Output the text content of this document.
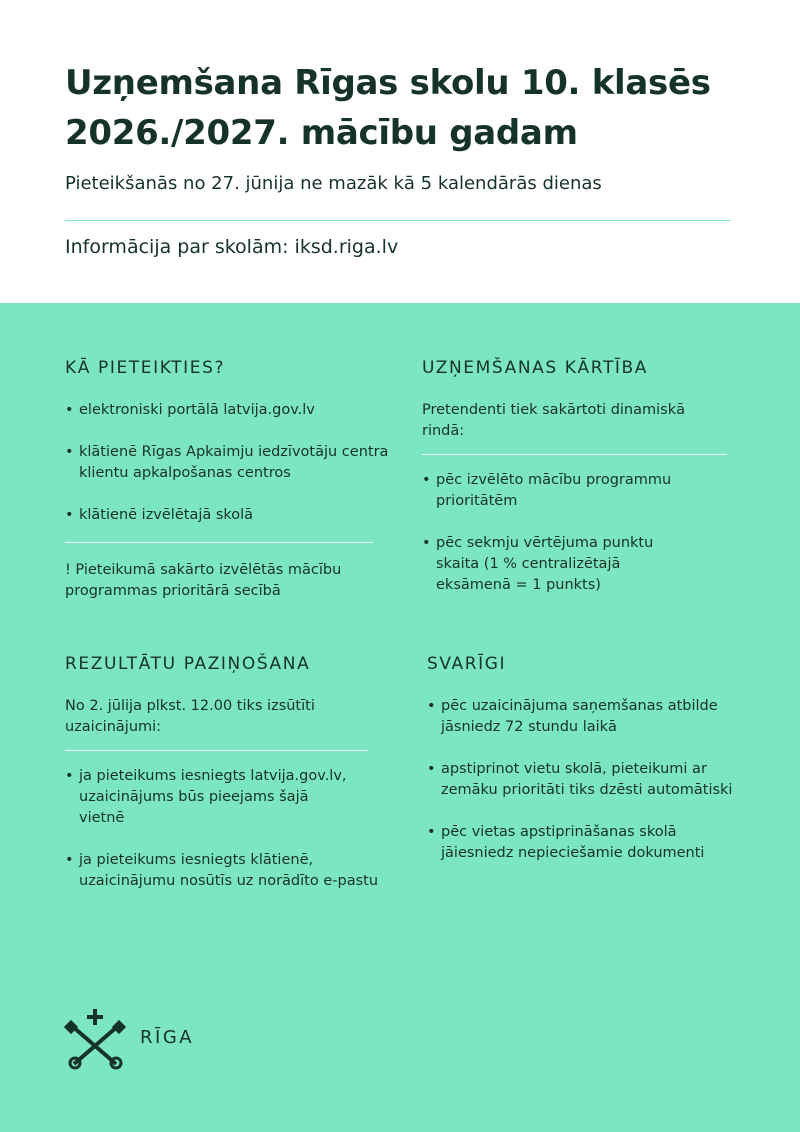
Uzņemšana Rīgas skolu 10. klasēs
2026./2027. mācību gadam
Pieteikšanās no 27. jūnija ne mazāk kā 5 kalendārās dienas
Informācija par skolām: iksd.riga.lv
KĀ PIETEIKTIES?
• elektroniski portālā latvija.gov.lv
• klātienē Rīgas Apkaimju iedzīvotāju centra klientu apkalpošanas centros
• klātienē izvēlētajā skolā
! Pieteikumā sakārto izvēlētās mācību programmas prioritārā secībā
UZŅEMŠANAS KĀRTĪBA
Pretendenti tiek sakārtoti dinamiskā rindā:
• pēc izvēlēto mācību programmu prioritātēm
• pēc sekmju vērtējuma punktu skaita (1 % centralizētajā eksāmenā = 1 punkts)
REZULTĀTU PAZIŅOŠANA
No 2. jūlija plkst. 12.00 tiks izsūtīti uzaicinājumi:
• ja pieteikums iesniegts latvija.gov.lv, uzaicinājums būs pieejams šajā vietnē
• ja pieteikums iesniegts klātienē, uzaicinājumu nosūtīs uz norādīto e-pastu
SVARĪGI
• pēc uzaicinājuma saņemšanas atbilde jāsniedz 72 stundu laikā
• apstiprinot vietu skolā, pieteikumi ar zemāku prioritāti tiks dzēsti automātiski
• pēc vietas apstiprināšanas skolā jāiesniedz nepieciešamie dokumenti
RĪGA
